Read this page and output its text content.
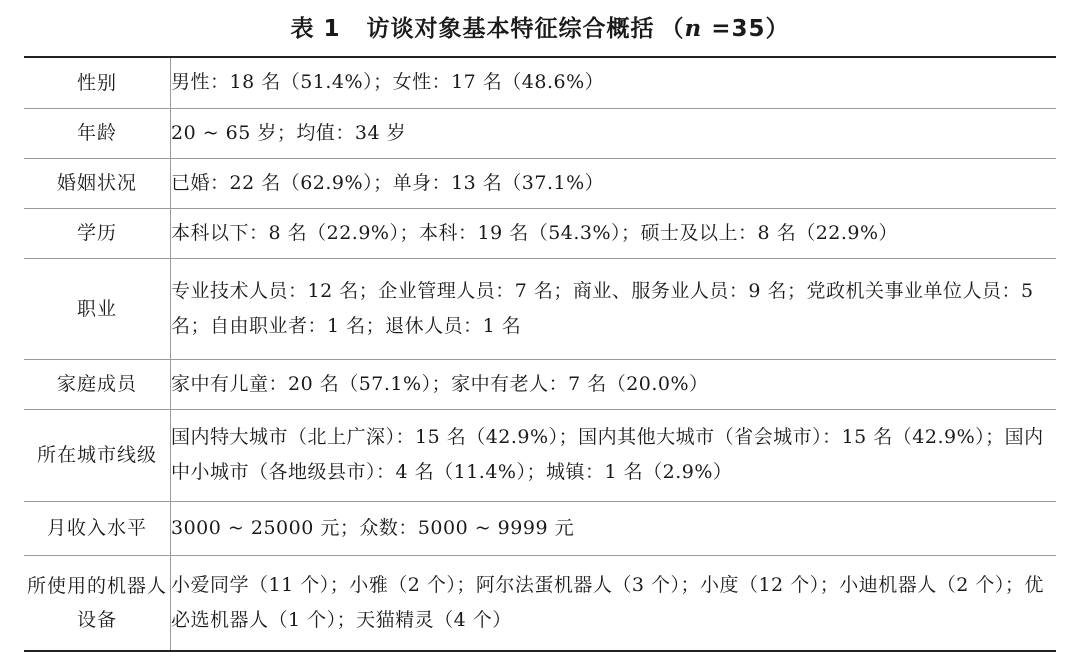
表 1 访谈对象基本特征综合概括 （n =35）
性别	男性：18 名（51.4%）；女性：17 名（48.6%）
年龄	20 ~ 65 岁；均值：34 岁
婚姻状况	已婚：22 名（62.9%）；单身：13 名（37.1%）
学历	本科以下：8 名（22.9%）；本科：19 名（54.3%）；硕士及以上：8 名（22.9%）
职业	专业技术人员：12 名；企业管理人员：7 名；商业、服务业人员：9 名；党政机关事业单位人员：5 名；自由职业者：1 名；退休人员：1 名
家庭成员	家中有儿童：20 名（57.1%）；家中有老人：7 名（20.0%）
所在城市线级	国内特大城市（北上广深）：15 名（42.9%）；国内其他大城市（省会城市）：15 名（42.9%）；国内中小城市（各地级县市）：4 名（11.4%）；城镇：1 名（2.9%）
月收入水平	3000 ~ 25000 元；众数：5000 ~ 9999 元
所使用的机器人设备	小爱同学（11 个）；小雅（2 个）；阿尔法蛋机器人（3 个）；小度（12 个）；小迪机器人（2 个）；优必选机器人（1 个）；天猫精灵（4 个）
